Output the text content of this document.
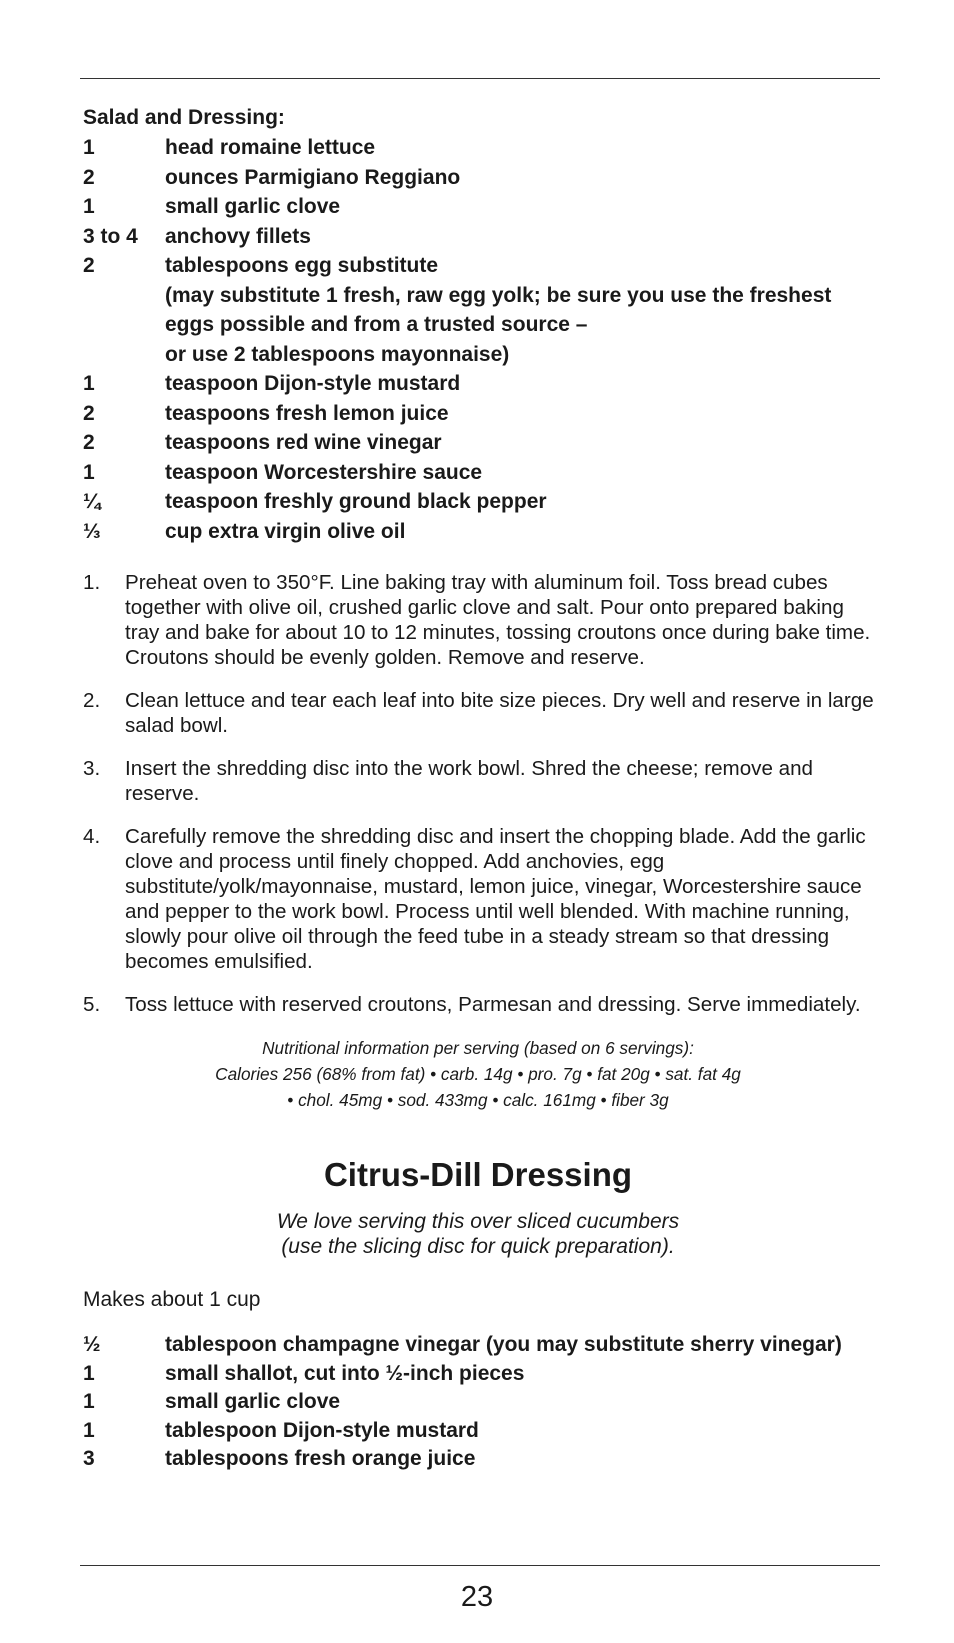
Salad and Dressing:

1	head romaine lettuce
2	ounces Parmigiano Reggiano
1	small garlic clove
3 to 4	anchovy fillets
2	tablespoons egg substitute
(may substitute 1 fresh, raw egg yolk; be sure you use the freshest eggs possible and from a trusted source –
or use 2 tablespoons mayonnaise)
1	teaspoon Dijon-style mustard
2	teaspoons fresh lemon juice
2	teaspoons red wine vinegar
1	teaspoon Worcestershire sauce
¼	teaspoon freshly ground black pepper
⅓	cup extra virgin olive oil
1.	Preheat oven to 350°F. Line baking tray with aluminum foil. Toss bread cubes together with olive oil, crushed garlic clove and salt. Pour onto prepared baking tray and bake for about 10 to 12 minutes, tossing croutons once during bake time. Croutons should be evenly golden. Remove and reserve.
2.	Clean lettuce and tear each leaf into bite size pieces. Dry well and reserve in large salad bowl.
3.	Insert the shredding disc into the work bowl. Shred the cheese; remove and reserve.
4.	Carefully remove the shredding disc and insert the chopping blade. Add the garlic clove and process until finely chopped. Add anchovies, egg substitute/yolk/mayonnaise, mustard, lemon juice, vinegar, Worcestershire sauce and pepper to the work bowl. Process until well blended. With machine running, slowly pour olive oil through the feed tube in a steady stream so that dressing becomes emulsified.
5.	Toss lettuce with reserved croutons, Parmesan and dressing. Serve immediately.
Nutritional information per serving (based on 6 servings):
Calories 256 (68% from fat) • carb. 14g • pro. 7g • fat 20g • sat. fat 4g
• chol. 45mg • sod. 433mg • calc. 161mg • fiber 3g
Citrus-Dill Dressing
We love serving this over sliced cucumbers
(use the slicing disc for quick preparation).
Makes about 1 cup
½	tablespoon champagne vinegar (you may substitute sherry vinegar)
1	small shallot, cut into ½-inch pieces
1	small garlic clove
1	tablespoon Dijon-style mustard
3	tablespoons fresh orange juice
23
